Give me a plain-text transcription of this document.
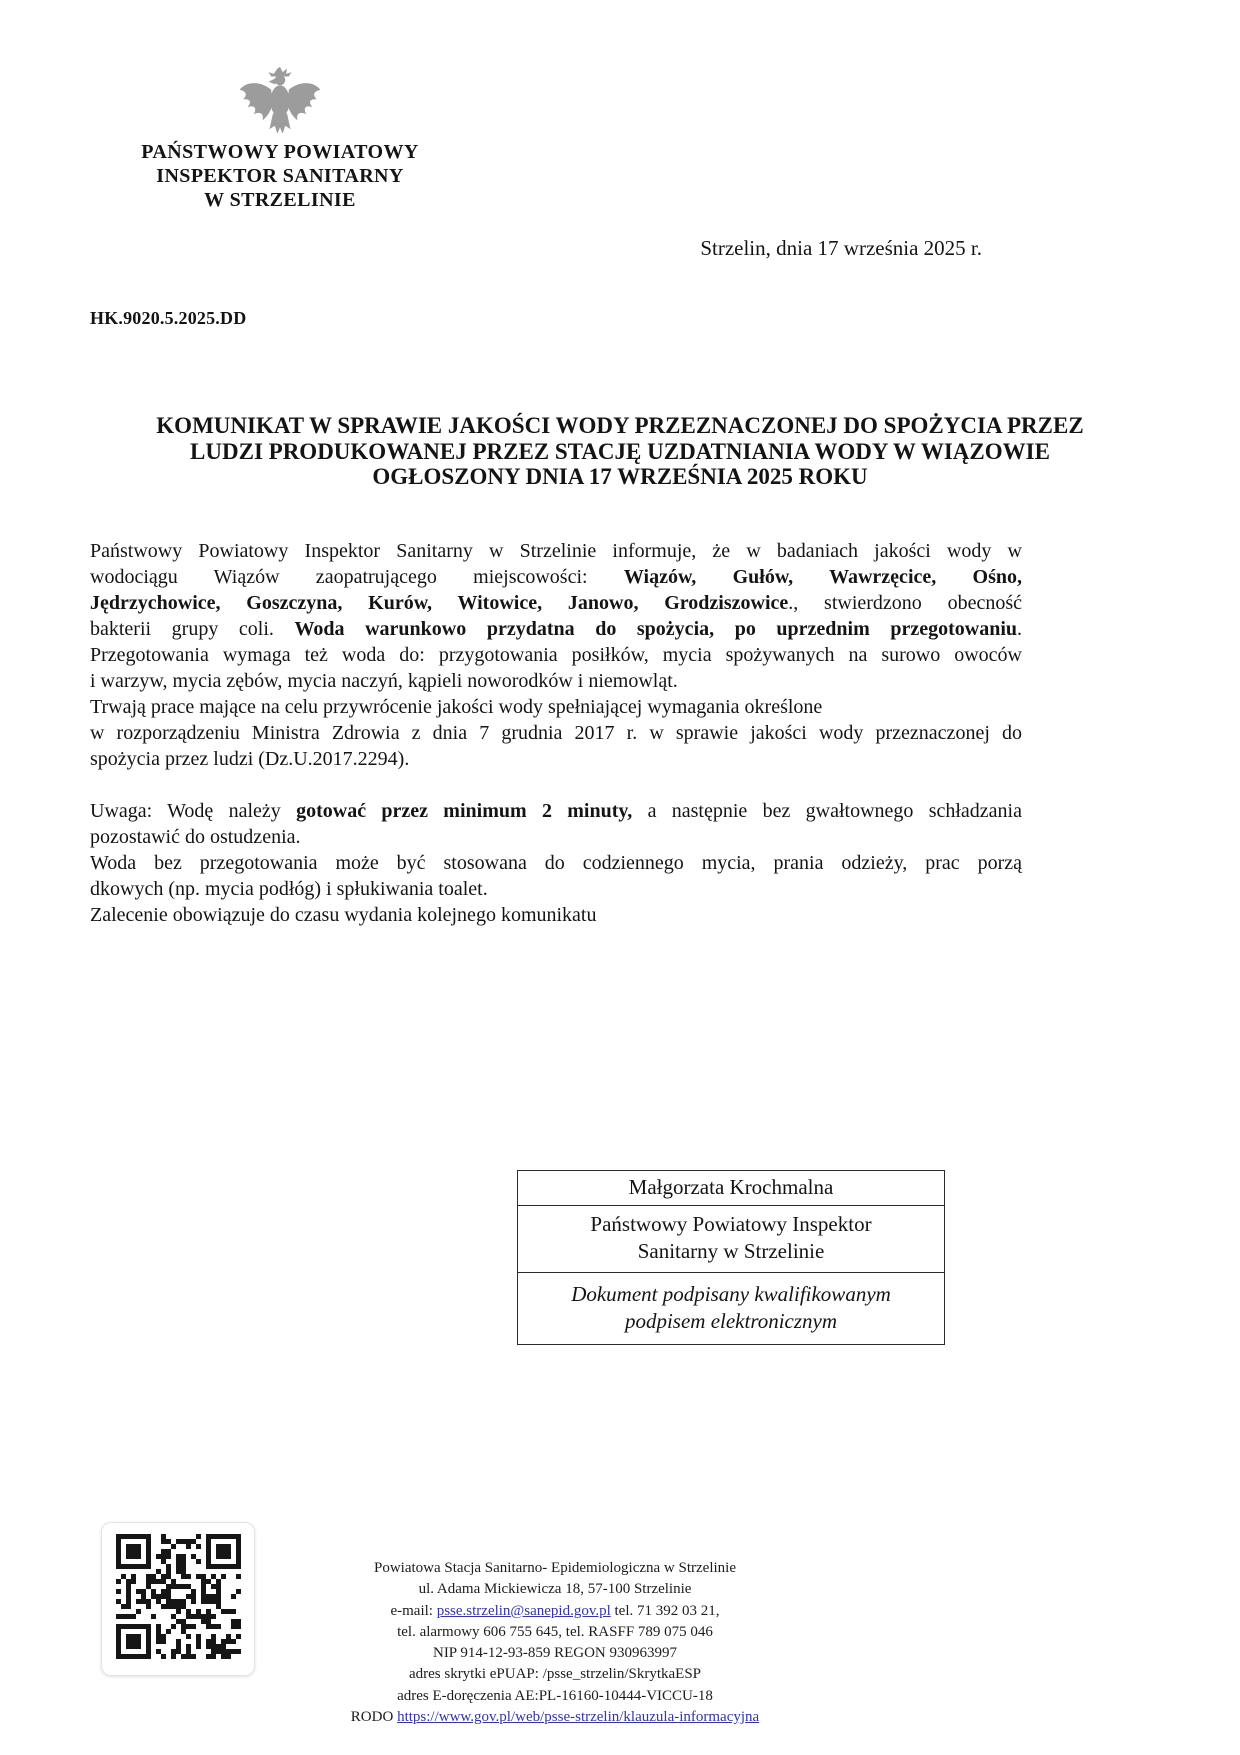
PAŃSTWOWY POWIATOWY
INSPEKTOR SANITARNY
W STRZELINIE
Strzelin, dnia 17 września 2025 r.
HK.9020.5.2025.DD
KOMUNIKAT W SPRAWIE JAKOŚCI WODY PRZEZNACZONEJ DO SPOŻYCIA PRZEZ
LUDZI PRODUKOWANEJ PRZEZ STACJĘ UZDATNIANIA WODY W WIĄZOWIE
OGŁOSZONY DNIA 17 WRZEŚNIA 2025 ROKU
Państwowy Powiatowy Inspektor Sanitarny w Strzelinie informuje, że w badaniach jakości wody w
wodociągu Wiązów zaopatrującego miejscowości: Wiązów, Gułów, Wawrzęcice, Ośno,
Jędrzychowice, Goszczyna, Kurów, Witowice, Janowo, Grodziszowice., stwierdzono obecność
bakterii grupy coli. Woda warunkowo przydatna do spożycia, po uprzednim przegotowaniu.
Przegotowania wymaga też woda do: przygotowania posiłków, mycia spożywanych na surowo owoców
i warzyw, mycia zębów, mycia naczyń, kąpieli noworodków i niemowląt.
Trwają prace mające na celu przywrócenie jakości wody spełniającej wymagania określone
w rozporządzeniu Ministra Zdrowia z dnia 7 grudnia 2017 r. w sprawie jakości wody przeznaczonej do
spożycia przez ludzi (Dz.U.2017.2294).

Uwaga: Wodę należy gotować przez minimum 2 minuty, a następnie bez gwałtownego schładzania
pozostawić do ostudzenia.
Woda bez przegotowania może być stosowana do codziennego mycia, prania odzieży, prac porzą
dkowych (np. mycia podłóg) i spłukiwania toalet.
Zalecenie obowiązuje do czasu wydania kolejnego komunikatu
Małgorzata Krochmalna
Państwowy Powiatowy Inspektor
Sanitarny w Strzelinie
Dokument podpisany kwalifikowanym
podpisem elektronicznym
Powiatowa Stacja Sanitarno- Epidemiologiczna w Strzelinie
ul. Adama Mickiewicza 18, 57-100 Strzelinie
e-mail: psse.strzelin@sanepid.gov.pl tel. 71 392 03 21,
tel. alarmowy 606 755 645, tel. RASFF 789 075 046
NIP 914-12-93-859 REGON 930963997
adres skrytki ePUAP: /psse_strzelin/SkrytkaESP
adres E-doręczenia AE:PL-16160-10444-VICCU-18
RODO https://www.gov.pl/web/psse-strzelin/klauzula-informacyjna
